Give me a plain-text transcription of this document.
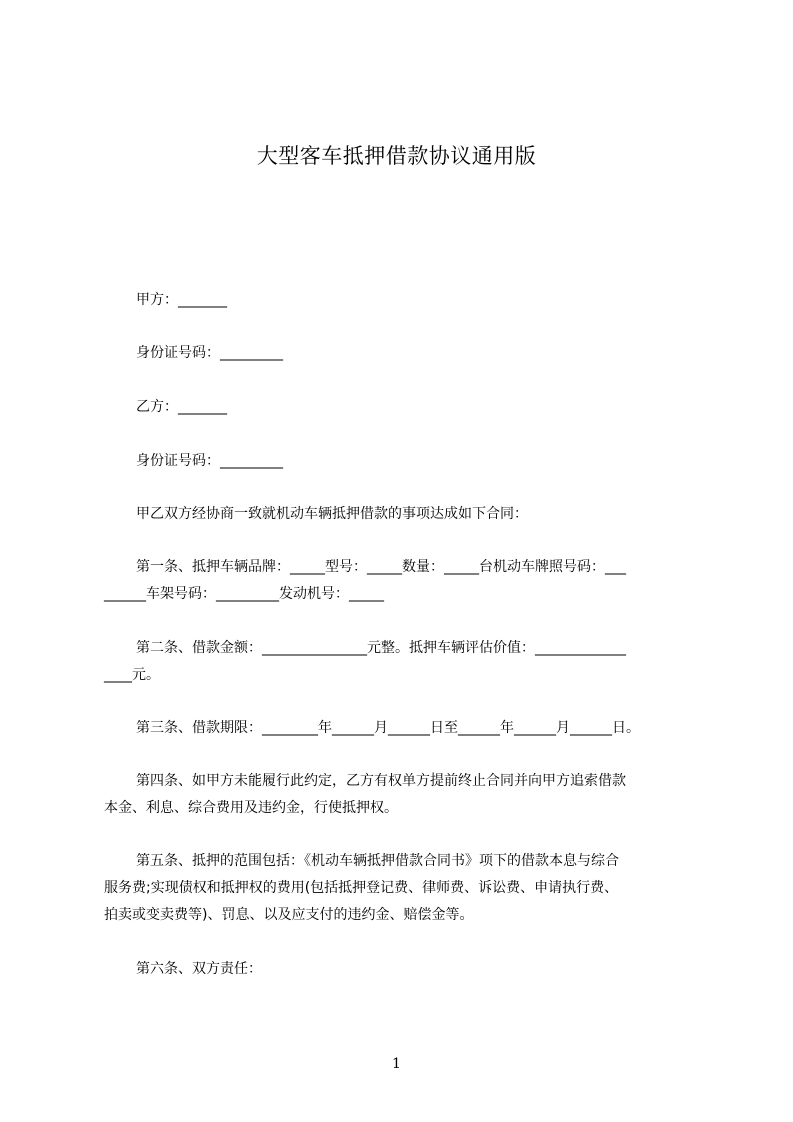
大型客车抵押借款协议通用版
甲方：_______
身份证号码：_________
乙方：_______
身份证号码：_________
甲乙双方经协商一致就机动车辆抵押借款的事项达成如下合同：
第一条、抵押车辆品牌：_____型号：_____数量：_____台机动车牌照号码：___
______车架号码：_________发动机号：_____
第二条、借款金额：_______________元整。抵押车辆评估价值：_____________
____元。
第三条、借款期限：________年______月______日至______年______月______日。
第四条、如甲方未能履行此约定，乙方有权单方提前终止合同并向甲方追索借款
本金、利息、综合费用及违约金，行使抵押权。
第五条、抵押的范围包括：《机动车辆抵押借款合同书》项下的借款本息与综合
服务费;实现债权和抵押权的费用(包括抵押登记费、律师费、诉讼费、申请执行费、
拍卖或变卖费等)、罚息、以及应支付的违约金、赔偿金等。
第六条、双方责任：
1
